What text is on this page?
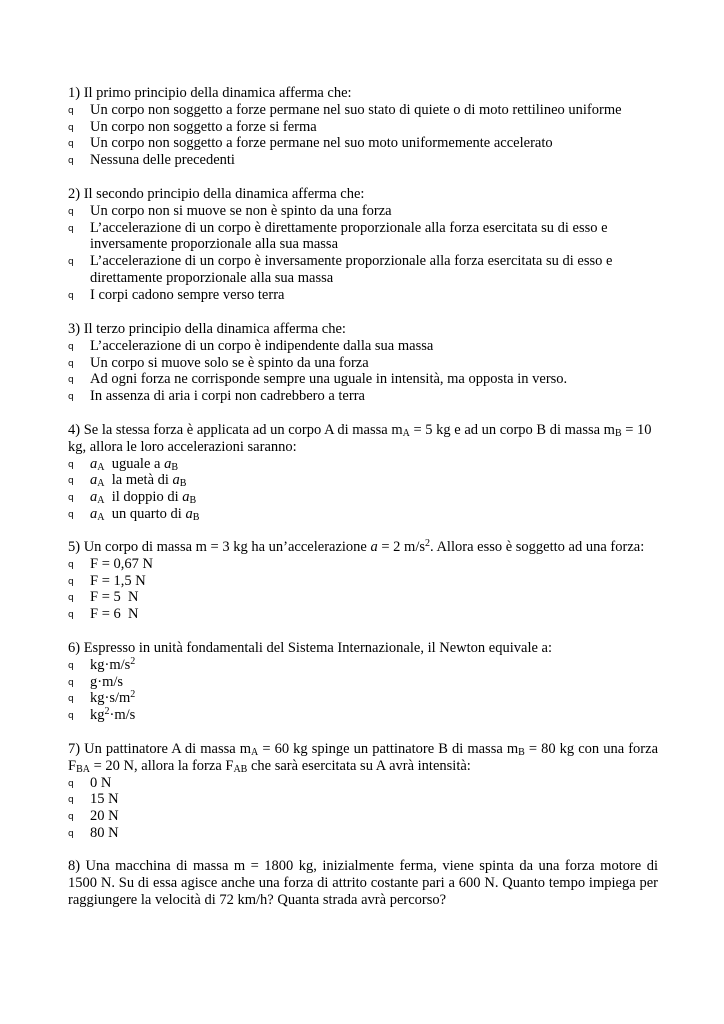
1) Il primo principio della dinamica afferma che:

q Un corpo non soggetto a forze permane nel suo stato di quiete o di moto rettilineo uniforme
q Un corpo non soggetto a forze si ferma
q Un corpo non soggetto a forze permane nel suo moto uniformemente accelerato
q Nessuna delle precedenti

2) Il secondo principio della dinamica afferma che:

q Un corpo non si muove se non è spinto da una forza
q L’accelerazione di un corpo è direttamente proporzionale alla forza esercitata su di esso e inversamente proporzionale alla sua massa
q L’accelerazione di un corpo è inversamente proporzionale alla forza esercitata su di esso e direttamente proporzionale alla sua massa
q I corpi cadono sempre verso terra

3) Il terzo principio della dinamica afferma che:

q L’accelerazione di un corpo è indipendente dalla sua massa
q Un corpo si muove solo se è spinto da una forza
q Ad ogni forza ne corrisponde sempre una uguale in intensità, ma opposta in verso.
q In assenza di aria i corpi non cadrebbero a terra

4) Se la stessa forza è applicata ad un corpo A di massa $m_A = 5$ kg e ad un corpo B di massa $m_B = 10$ kg, allora le loro accelerazioni saranno:

q $a_A$ uguale a $a_B$
q $a_A$ la metà di $a_B$
q $a_A$ il doppio di $a_B$
q $a_A$ un quarto di $a_B$

5) Un corpo di massa m = 3 kg ha un’accelerazione a = 2 $m/s^2$. Allora esso è soggetto ad una forza:

q F = 0,67 N
q F = 1,5 N
q F = 5  N
q F = 6  N

6) Espresso in unità fondamentali del Sistema Internazionale, il Newton equivale a:

q $kg\cdot m/s^2$
q g·m/s
q $kg\cdot s/m^2$
q $kg^2\cdot m/s$

7) Un pattinatore A di massa $m_A = 60$ kg spinge un pattinatore B di massa $m_B = 80$ kg con una forza $F_{BA} = 20$ N, allora la forza $F_{AB}$ che sarà esercitata su A avrà intensità:

q 0 N
q 15 N
q 20 N
q 80 N

8) Una macchina di massa m = 1800 kg, inizialmente ferma, viene spinta da una forza motore di 1500 N. Su di essa agisce anche una forza di attrito costante pari a 600 N. Quanto tempo impiega per raggiungere la velocità di 72 km/h? Quanta strada avrà percorso?
